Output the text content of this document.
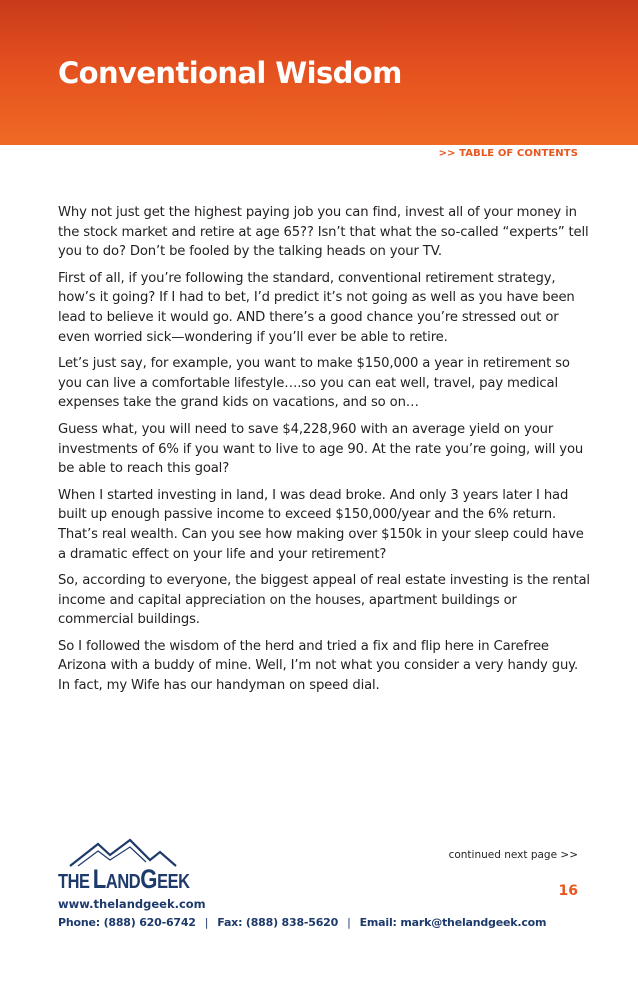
Conventional Wisdom
>> TABLE OF CONTENTS

Why not just get the highest paying job you can find, invest all of your money in the stock market and retire at age 65?? Isn’t that what the so-called “experts” tell you to do? Don’t be fooled by the talking heads on your TV.

First of all, if you’re following the standard, conventional retirement strategy, how’s it going? If I had to bet, I’d predict it’s not going as well as you have been lead to believe it would go. AND there’s a good chance you’re stressed out or even worried sick—wondering if you’ll ever be able to retire.

Let’s just say, for example, you want to make $150,000 a year in retirement so you can live a comfortable lifestyle….so you can eat well, travel, pay medical expenses take the grand kids on vacations, and so on…

Guess what, you will need to save $4,228,960 with an average yield on your investments of 6% if you want to live to age 90. At the rate you’re going, will you be able to reach this goal?

When I started investing in land, I was dead broke. And only 3 years later I had built up enough passive income to exceed $150,000/year and the 6% return. That’s real wealth. Can you see how making over $150k in your sleep could have a dramatic effect on your life and your retirement?

So, according to everyone, the biggest appeal of real estate investing is the rental income and capital appreciation on the houses, apartment buildings or commercial buildings.

So I followed the wisdom of the herd and tried a fix and flip here in Carefree Arizona with a buddy of mine. Well, I’m not what you consider a very handy guy. In fact, my Wife has our handyman on speed dial.

continued next page >>
THE LANDGEEK	16
www.thelandgeek.com
Phone: (888) 620-6742 | Fax: (888) 838-5620 | Email: mark@thelandgeek.com
